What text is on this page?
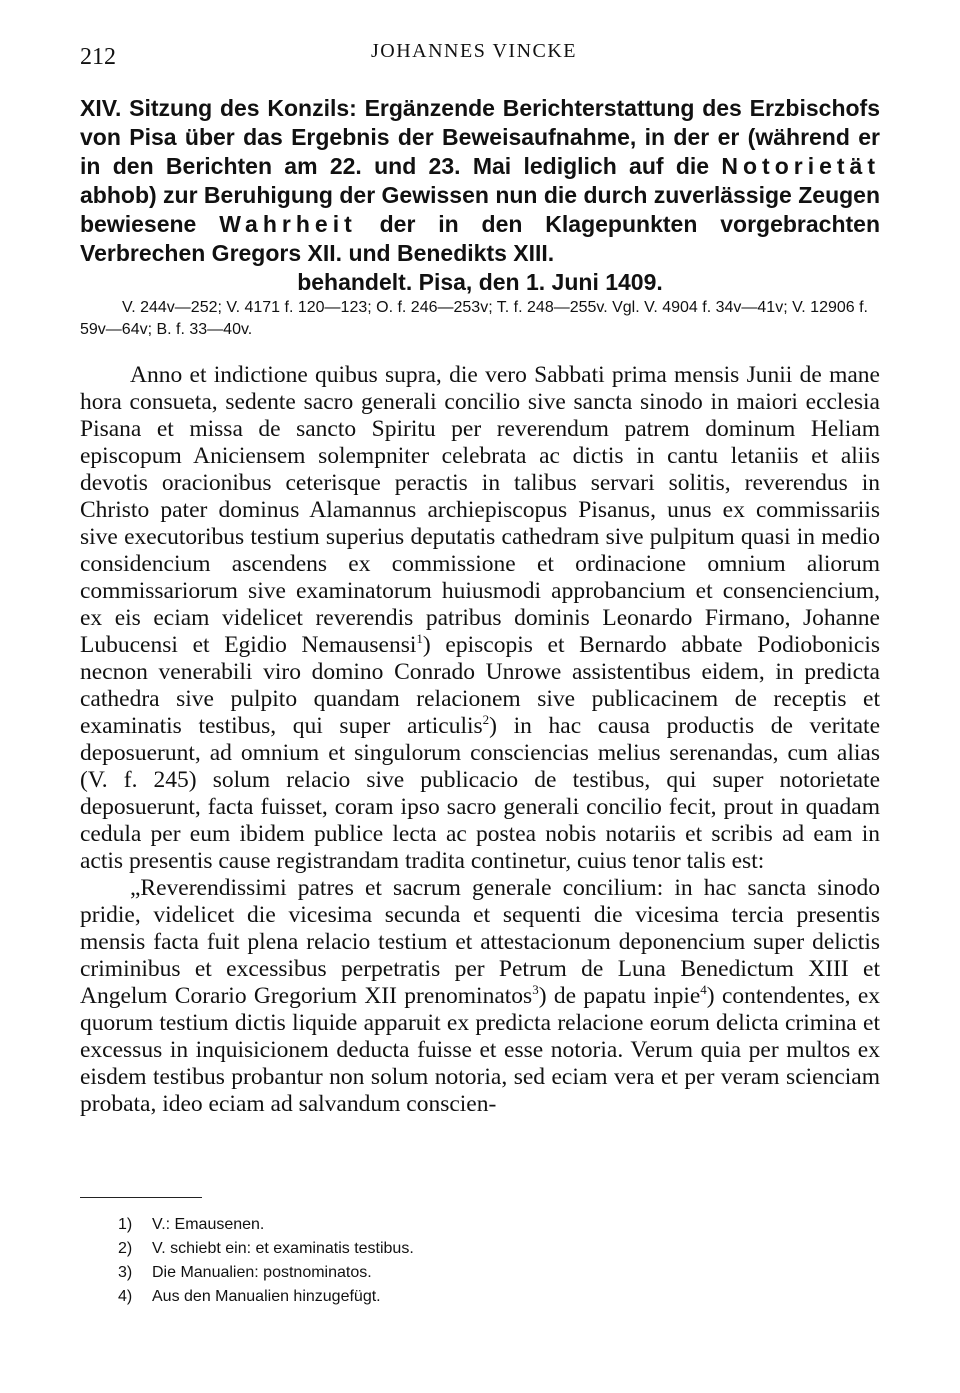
212	JOHANNES VINCKE
XIV. Sitzung des Konzils: Ergänzende Berichterstattung des Erzbischofs von Pisa über das Ergebnis der Beweisaufnahme, in der er (während er in den Berichten am 22. und 23. Mai lediglich auf die Notorietät abhob) zur Beruhigung der Gewissen nun die durch zuverlässige Zeugen bewiesene Wahrheit der in den Klagepunkten vorgebrachten Verbrechen Gregors XII. und Benedikts XIII.
behandelt. Pisa, den 1. Juni 1409.
V. 244v—252; V. 4171 f. 120—123; O. f. 246—253v; T. f. 248—255v. Vgl. V. 4904 f. 34v—41v; V. 12906 f. 59v—64v; B. f. 33—40v.

Anno et indictione quibus supra, die vero Sabbati prima mensis Junii de mane hora consueta, sedente sacro generali concilio sive sancta sinodo in maiori ecclesia Pisana et missa de sancto Spiritu per reverendum patrem dominum Heliam episcopum Aniciensem solempniter celebrata ac dictis in cantu letaniis et aliis devotis oracionibus ceterisque peractis in talibus servari solitis, reverendus in Christo pater dominus Alamannus archiepiscopus Pisanus, unus ex commissariis sive executoribus testium superius deputatis cathedram sive pulpitum quasi in medio considencium ascendens ex commissione et ordinacione omnium aliorum commissariorum sive examinatorum huiusmodi approbancium et consenciencium, ex eis eciam videlicet reverendis patribus dominis Leonardo Firmano, Johanne Lubucensi et Egidio Nemausensi$^1$) episcopis et Bernardo abbate Podiobonicis necnon venerabili viro domino Conrado Unrowe assistentibus eidem, in predicta cathedra sive pulpito quandam relacionem sive publicacinem de receptis et examinatis testibus, qui super articulis$^2$) in hac causa productis de veritate deposuerunt, ad omnium et singulorum consciencias melius serenandas, cum alias (V. f. 245) solum relacio sive publicacio de testibus, qui super notorietate deposuerunt, facta fuisset, coram ipso sacro generali concilio fecit, prout in quadam cedula per eum ibidem publice lecta ac postea nobis notariis et scribis ad eam in actis presentis cause registrandam tradita continetur, cuius tenor talis est:

„Reverendissimi patres et sacrum generale concilium: in hac sancta sinodo pridie, videlicet die vicesima secunda et sequenti die vicesima tercia presentis mensis facta fuit plena relacio testium et attestacionum deponencium super delictis criminibus et excessibus perpetratis per Petrum de Luna Benedictum XIII et Angelum Corario Gregorium XII prenominatos$^3$) de papatu inpie$^4$) contendentes, ex quorum testium dictis liquide apparuit ex predicta relacione eorum delicta crimina et excessus in inquisicionem deducta fuisse et esse notoria. Verum quia per multos ex eisdem testibus probantur non solum notoria, sed eciam vera et per veram scienciam probata, ideo eciam ad salvandum conscien-

1) V.: Emausenen.
2) V. schiebt ein: et examinatis testibus.
3) Die Manualien: postnominatos.
4) Aus den Manualien hinzugefügt.
